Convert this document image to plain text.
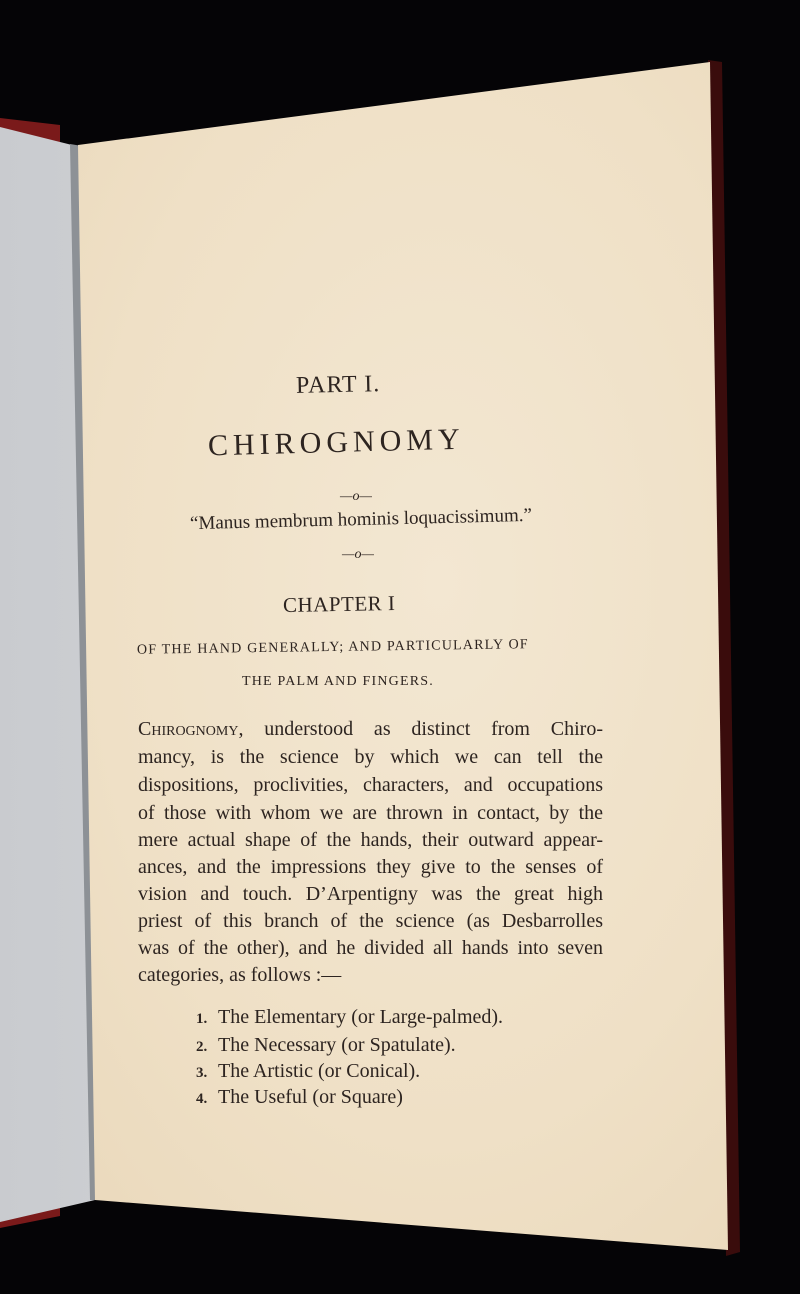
PART I.
CHIROGNOMY
—o—
“Manus membrum hominis loquacissimum.”
—o—
CHAPTER I
OF THE HAND GENERALLY; AND PARTICULARLY OF
THE PALM AND FINGERS.
Chirognomy, understood as distinct from Chiro-
mancy, is the science by which we can tell the
dispositions, proclivities, characters, and occupations
of those with whom we are thrown in contact, by the
mere actual shape of the hands, their outward appear-
ances, and the impressions they give to the senses of
vision and touch. D’Arpentigny was the great high
priest of this branch of the science (as Desbarrolles
was of the other), and he divided all hands into seven
categories, as follows :—
1. The Elementary (or Large-palmed).
2. The Necessary (or Spatulate).
3. The Artistic (or Conical).
4. The Useful (or Square)
